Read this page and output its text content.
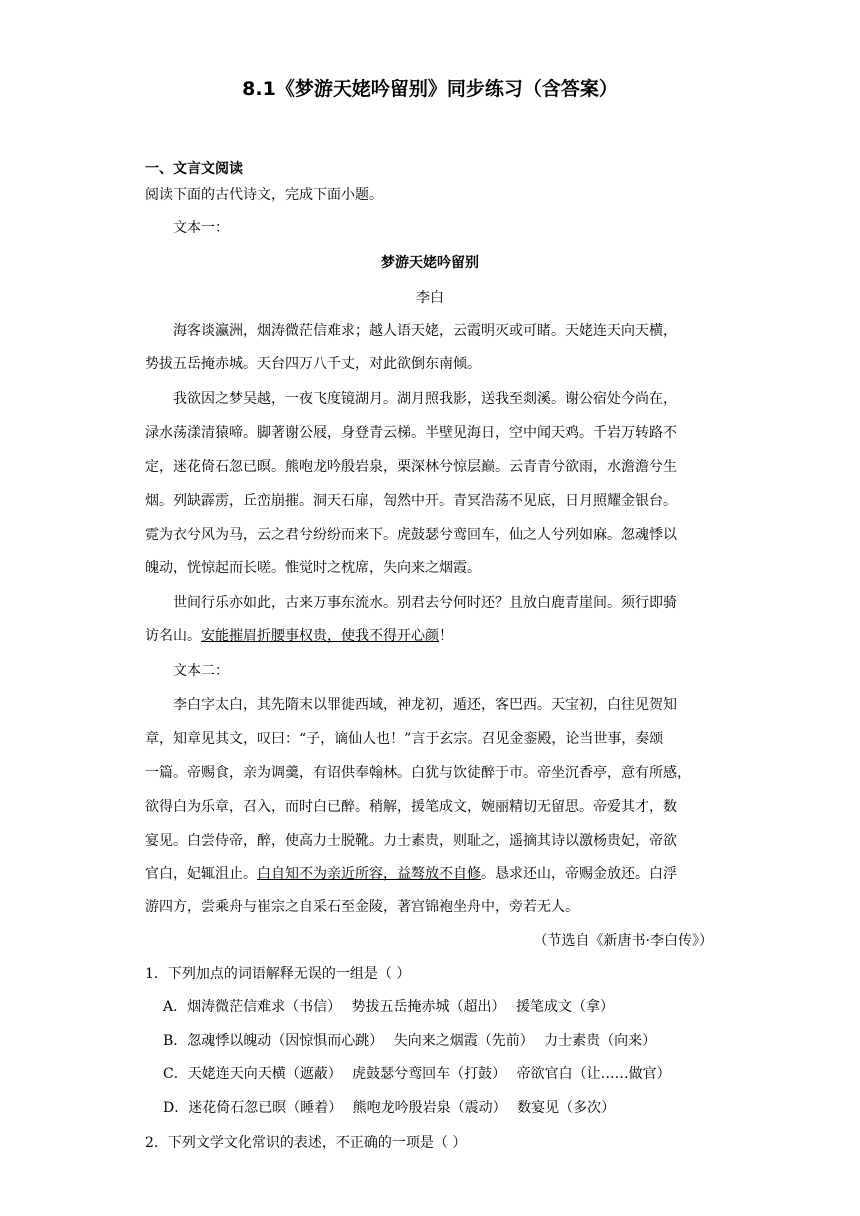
8.1《梦游天姥吟留别》同步练习（含答案）
一、文言文阅读
阅读下面的古代诗文，完成下面小题。
文本一：
梦游天姥吟留别
李白
海客谈瀛洲，烟涛微茫信难求；越人语天姥，云霞明灭或可睹。天姥连天向天横，
势拔五岳掩赤城。天台四万八千丈，对此欲倒东南倾。
我欲因之梦吴越，一夜飞度镜湖月。湖月照我影，送我至剡溪。谢公宿处今尚在，
渌水荡漾清猿啼。脚著谢公屐，身登青云梯。半壁见海日，空中闻天鸡。千岩万转路不
定，迷花倚石忽已暝。熊咆龙吟殷岩泉，栗深林兮惊层巅。云青青兮欲雨，水澹澹兮生
烟。列缺霹雳，丘峦崩摧。洞天石扉，訇然中开。青冥浩荡不见底，日月照耀金银台。
霓为衣兮风为马，云之君兮纷纷而来下。虎鼓瑟兮鸾回车，仙之人兮列如麻。忽魂悸以
魄动，恍惊起而长嗟。惟觉时之枕席，失向来之烟霞。
世间行乐亦如此，古来万事东流水。别君去兮何时还？且放白鹿青崖间。须行即骑
访名山。安能摧眉折腰事权贵，使我不得开心颜！
文本二：
李白字太白，其先隋末以罪徙西域，神龙初，遁还，客巴西。天宝初，白往见贺知
章，知章见其文，叹曰：“子，谪仙人也！”言于玄宗。召见金銮殿，论当世事，奏颂
一篇。帝赐食，亲为调羹，有诏供奉翰林。白犹与饮徒醉于市。帝坐沉香亭，意有所感，
欲得白为乐章，召入，而时白已醉。稍解，援笔成文，婉丽精切无留思。帝爱其才，数
宴见。白尝侍帝，醉，使高力士脱靴。力士素贵，则耻之，遥摘其诗以激杨贵妃，帝欲
官白，妃辄沮止。白自知不为亲近所容，益骜放不自修。恳求还山，帝赐金放还。白浮
游四方，尝乘舟与崔宗之自采石至金陵，著宫锦袍坐舟中，旁若无人。
（节选自《新唐书·李白传》）
1．下列加点的词语解释无误的一组是（ ）
A．烟涛微茫信难求（书信） 势拔五岳掩赤城（超出） 援笔成文（拿）
B．忽魂悸以魄动（因惊惧而心跳） 失向来之烟霞（先前） 力士素贵（向来）
C．天姥连天向天横（遮蔽） 虎鼓瑟兮鸾回车（打鼓） 帝欲官白（让……做官）
D．迷花倚石忽已暝（睡着） 熊咆龙吟殷岩泉（震动） 数宴见（多次）
2．下列文学文化常识的表述，不正确的一项是（ ）
